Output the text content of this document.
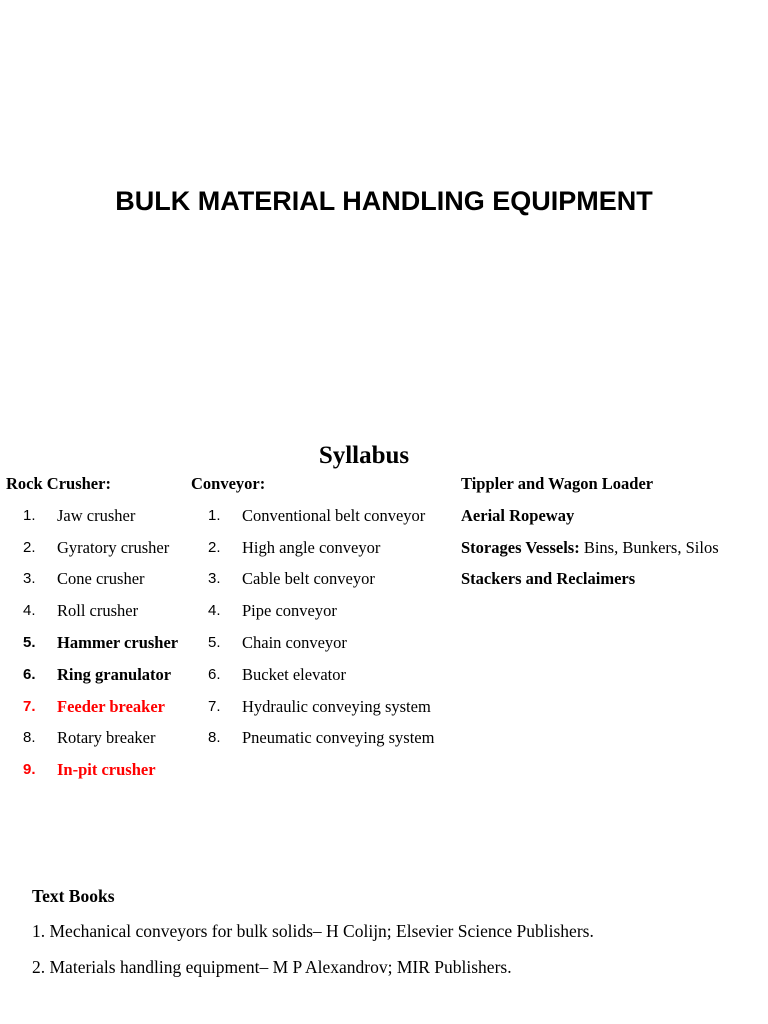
BULK MATERIAL HANDLING EQUIPMENT
Syllabus
Rock Crusher:
1. Jaw crusher
2. Gyratory crusher
3. Cone crusher
4. Roll crusher
5. Hammer crusher
6. Ring granulator
7. Feeder breaker
8. Rotary breaker
9. In-pit crusher
Conveyor:
1. Conventional belt conveyor
2. High angle conveyor
3. Cable belt conveyor
4. Pipe conveyor
5. Chain conveyor
6. Bucket elevator
7. Hydraulic conveying system
8. Pneumatic conveying system
Tippler and Wagon Loader
Aerial Ropeway
Storages Vessels: Bins, Bunkers, Silos
Stackers and Reclaimers
Text Books
1. Mechanical conveyors for bulk solids– H Colijn; Elsevier Science Publishers.
2. Materials handling equipment– M P Alexandrov; MIR Publishers.
